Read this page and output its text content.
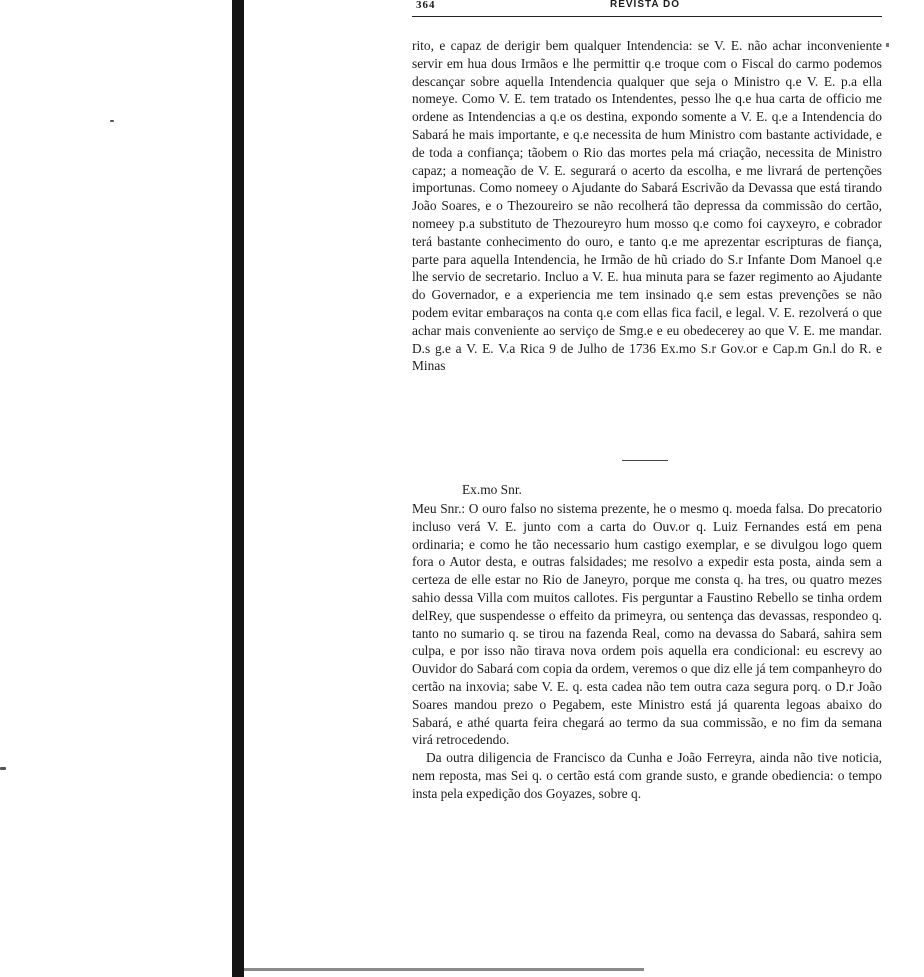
364	REVISTA DO

rito, e capaz de derigir bem qualquer Intendencia: se V. E. não achar inconveniente servir em hua dous Irmãos e lhe permittir q.e troque com o Fiscal do carmo podemos descançar sobre aquella Intendencia qualquer que seja o Ministro q.e V. E. p.a ella nomeye. Como V. E. tem tratado os Intendentes, pesso lhe q.e hua carta de officio me ordene as Intendencias a q.e os destina, expondo somente a V. E. q.e a Intendencia do Sabará he mais importante, e q.e necessita de hum Ministro com bastante actividade, e de toda a confiança; tãobem o Rio das mortes pela má criação, necessita de Ministro capaz; a nomeação de V. E. segurará o acerto da escolha, e me livrará de pertenções importunas. Como nomeey o Ajudante do Sabará Escrivão da Devassa que está tirando João Soares, e o Thezoureiro se não recolherá tão depressa da commissão do certão, nomeey p.a substituto de Thezoureyro hum mosso q.e como foi cayxeyro, e cobrador terá bastante conhecimento do ouro, e tanto q.e me aprezentar escripturas de fiança, parte para aquella Intendencia, he Irmão de hũ criado do S.r Infante Dom Manoel q.e lhe servio de secretario. Incluo a V. E. hua minuta para se fazer regimento ao Ajudante do Governador, e a experiencia me tem insinado q.e sem estas prevenções se não podem evitar embaraços na conta q.e com ellas fica facil, e legal. V. E. rezolverá o que achar mais conveniente ao serviço de Smg.e e eu obedecerey ao que V. E. me mandar. D.s g.e a V. E. V.a Rica 9 de Julho de 1736 Ex.mo S.r Gov.or e Cap.m Gn.l do R. e Minas

Ex.mo Snr.

Meu Snr.: O ouro falso no sistema prezente, he o mesmo q. moeda falsa. Do precatorio incluso verá V. E. junto com a carta do Ouv.or q. Luiz Fernandes está em pena ordinaria; e como he tão necessario hum castigo exemplar, e se divulgou logo quem fora o Autor desta, e outras falsidades; me resolvo a expedir esta posta, ainda sem a certeza de elle estar no Rio de Janeyro, porque me consta q. ha tres, ou quatro mezes sahio dessa Villa com muitos callotes. Fis perguntar a Faustino Rebello se tinha ordem delRey, que suspendesse o effeito da primeyra, ou sentença das devassas, respondeo q. tanto no sumario q. se tirou na fazenda Real, como na devassa do Sabará, sahira sem culpa, e por isso não tirava nova ordem pois aquella era condicional: eu escrevy ao Ouvidor do Sabará com copia da ordem, veremos o que diz elle já tem companheyro do certão na inxovia; sabe V. E. q. esta cadea não tem outra caza segura porq. o D.r João Soares mandou prezo o Pegabem, este Ministro está já quarenta legoas abaixo do Sabará, e athé quarta feira chegará ao termo da sua commissão, e no fim da semana virá retrocedendo.

Da outra diligencia de Francisco da Cunha e João Ferreyra, ainda não tive noticia, nem reposta, mas Sei q. o certão está com grande susto, e grande obediencia: o tempo insta pela expedição dos Goyazes, sobre q.
